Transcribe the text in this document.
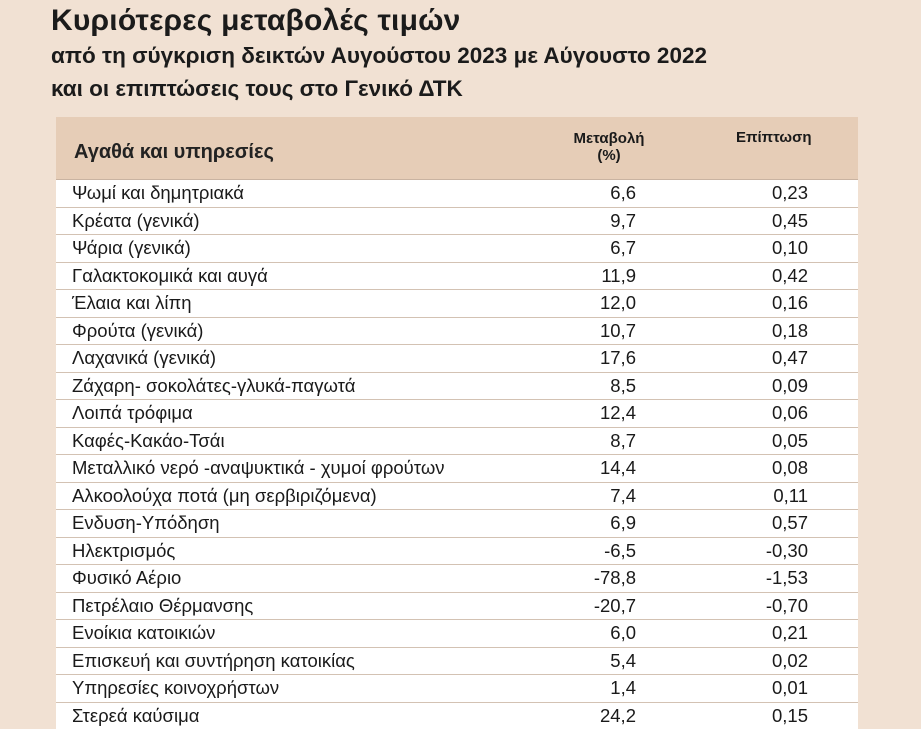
Κυριότερες μεταβολές τιμών
από τη σύγκριση δεικτών Αυγούστου 2023 με Αύγουστο 2022
και οι επιπτώσεις τους στο Γενικό ΔΤΚ
Αγαθά και υπηρεσίες
Μεταβολή
(%)
Επίπτωση
Ψωμί και δημητριακά	6,6	0,23
Κρέατα (γενικά)	9,7	0,45
Ψάρια (γενικά)	6,7	0,10
Γαλακτοκομικά και αυγά	11,9	0,42
Έλαια και λίπη	12,0	0,16
Φρούτα (γενικά)	10,7	0,18
Λαχανικά (γενικά)	17,6	0,47
Ζάχαρη- σοκολάτες-γλυκά-παγωτά	8,5	0,09
Λοιπά τρόφιμα	12,4	0,06
Καφές-Κακάο-Τσάι	8,7	0,05
Μεταλλικό νερό -αναψυκτικά - χυμοί φρούτων	14,4	0,08
Αλκοολούχα ποτά (μη σερβιριζόμενα)	7,4	0,11
Ενδυση-Υπόδηση	6,9	0,57
Ηλεκτρισμός	-6,5	-0,30
Φυσικό Αέριο	-78,8	-1,53
Πετρέλαιο Θέρμανσης	-20,7	-0,70
Ενοίκια κατοικιών	6,0	0,21
Επισκευή και συντήρηση κατοικίας	5,4	0,02
Υπηρεσίες κοινοχρήστων	1,4	0,01
Στερεά καύσιμα	24,2	0,15
